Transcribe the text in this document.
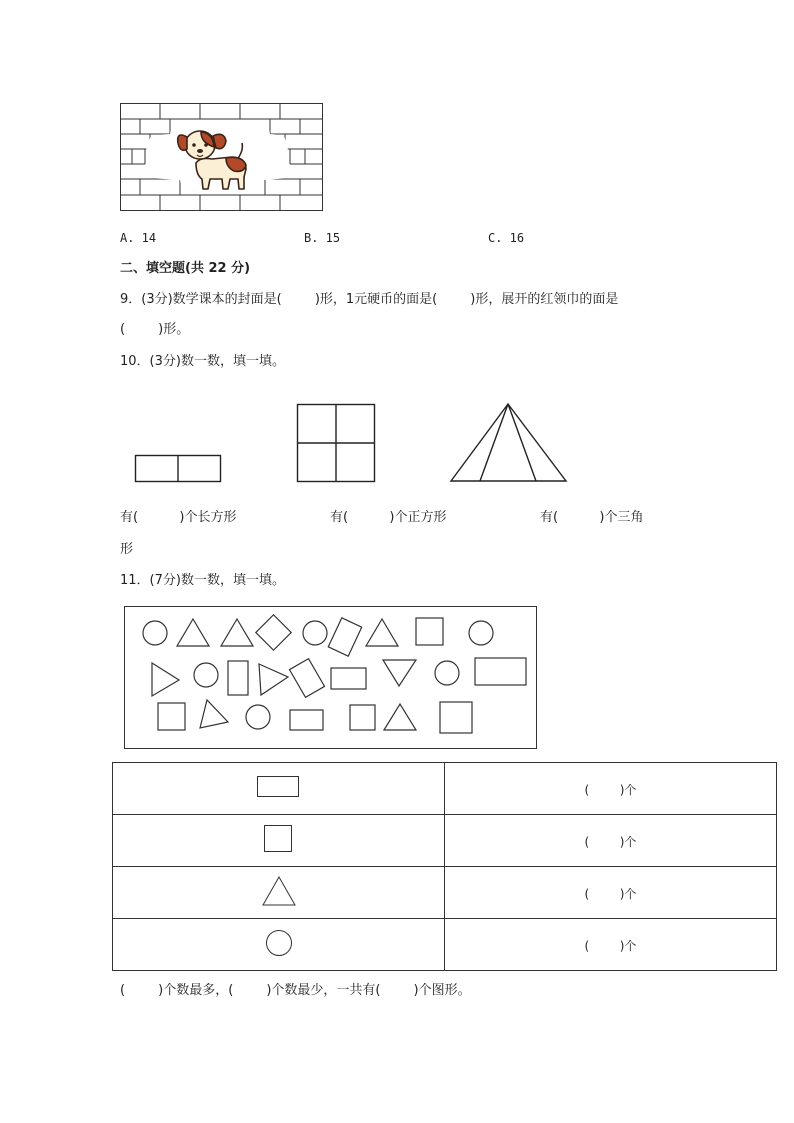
A. 14	B. 15	C. 16
二、填空题(共 22 分)
9．(3分)数学课本的封面是(        )形，1元硬币的面是(        )形，展开的红领巾的面是
(        )形。
10．(3分)数一数，填一填。
有(          )个长方形	有(          )个正方形	有(          )个三角
形
11．(7分)数一数，填一填。
	(        )个
	(        )个
	(        )个
	(        )个
(        )个数最多，(        )个数最少，一共有(        )个图形。
